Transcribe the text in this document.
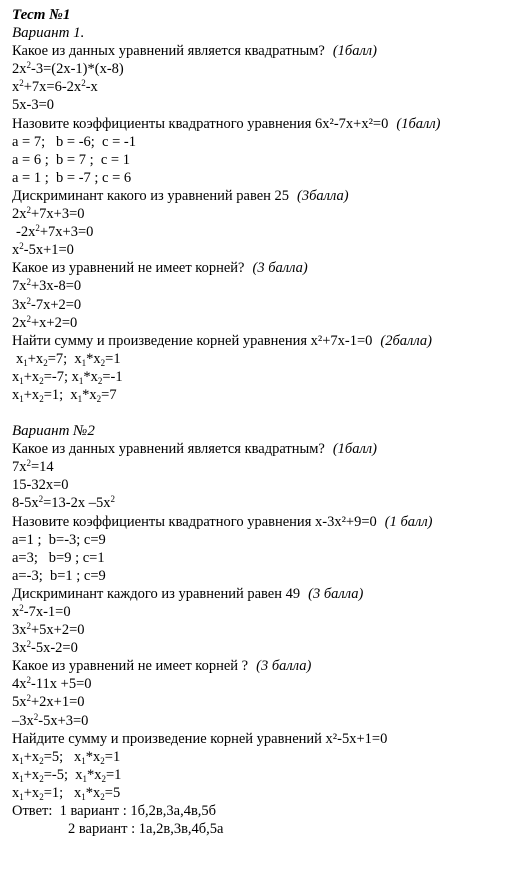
Тест №1
Вариант 1.
Какое из данных уравнений является квадратным? (1балл)
$2x^2-3=(2x-1)*(x-8)$
$x^2+7x=6-2x^2-x$
5x-3=0
Назовите коэффициенты квадратного уравнения 6x²-7x+x²=0 (1балл)
a = 7;   b = -6;  c = -1
a = 6 ;  b = 7 ;  c = 1
a = 1 ;  b = -7 ; c = 6
Дискриминант какого из уравнений равен 25 (3балла)
$2x^2+7x+3=0$
$-2x^2+7x+3=0$
$x^2-5x+1=0$
Какое из уравнений не имеет корней? (3 балла)
$7x^2+3x-8=0$
$3x^2-7x+2=0$
$2x^2+x+2=0$
Найти сумму и произведение корней уравнения x²+7x-1=0 (2балла)
$x_1+x_2=7$;  $x_1*x_2=1$
$x_1+x_2=-7$; $x_1*x_2=-1$
$x_1+x_2=1$;  $x_1*x_2=7$
Вариант №2
Какое из данных уравнений является квадратным? (1балл)
$7x^2=14$
15-32x=0
$8-5x^2=13-2x$ $-5x^2$
Назовите коэффициенты квадратного уравнения x-3x²+9=0 (1 балл)
a=1 ;  b=-3; c=9
a=3;   b=9 ; c=1
a=-3;  b=1 ; c=9
Дискриминант каждого из уравнений равен 49 (3 балла)
$x^2-7x-1=0$
$3x^2+5x+2=0$
$3x^2-5x-2=0$
Какое из уравнений не имеет корней ? (3 балла)
$4x^2-11x +5=0$
$5x^2+2x+1=0$
$-3x^2-5x+3=0$
Найдите сумму и произведение корней уравнений x²-5x+1=0
$x_1+x_2=5$;   $x_1*x_2=1$
$x_1+x_2=-5$;  $x_1*x_2=1$
$x_1+x_2=1$;   $x_1*x_2=5$
Ответ: 1 вариант : 1б,2в,3а,4в,5б
2 вариант : 1а,2в,3в,4б,5а
